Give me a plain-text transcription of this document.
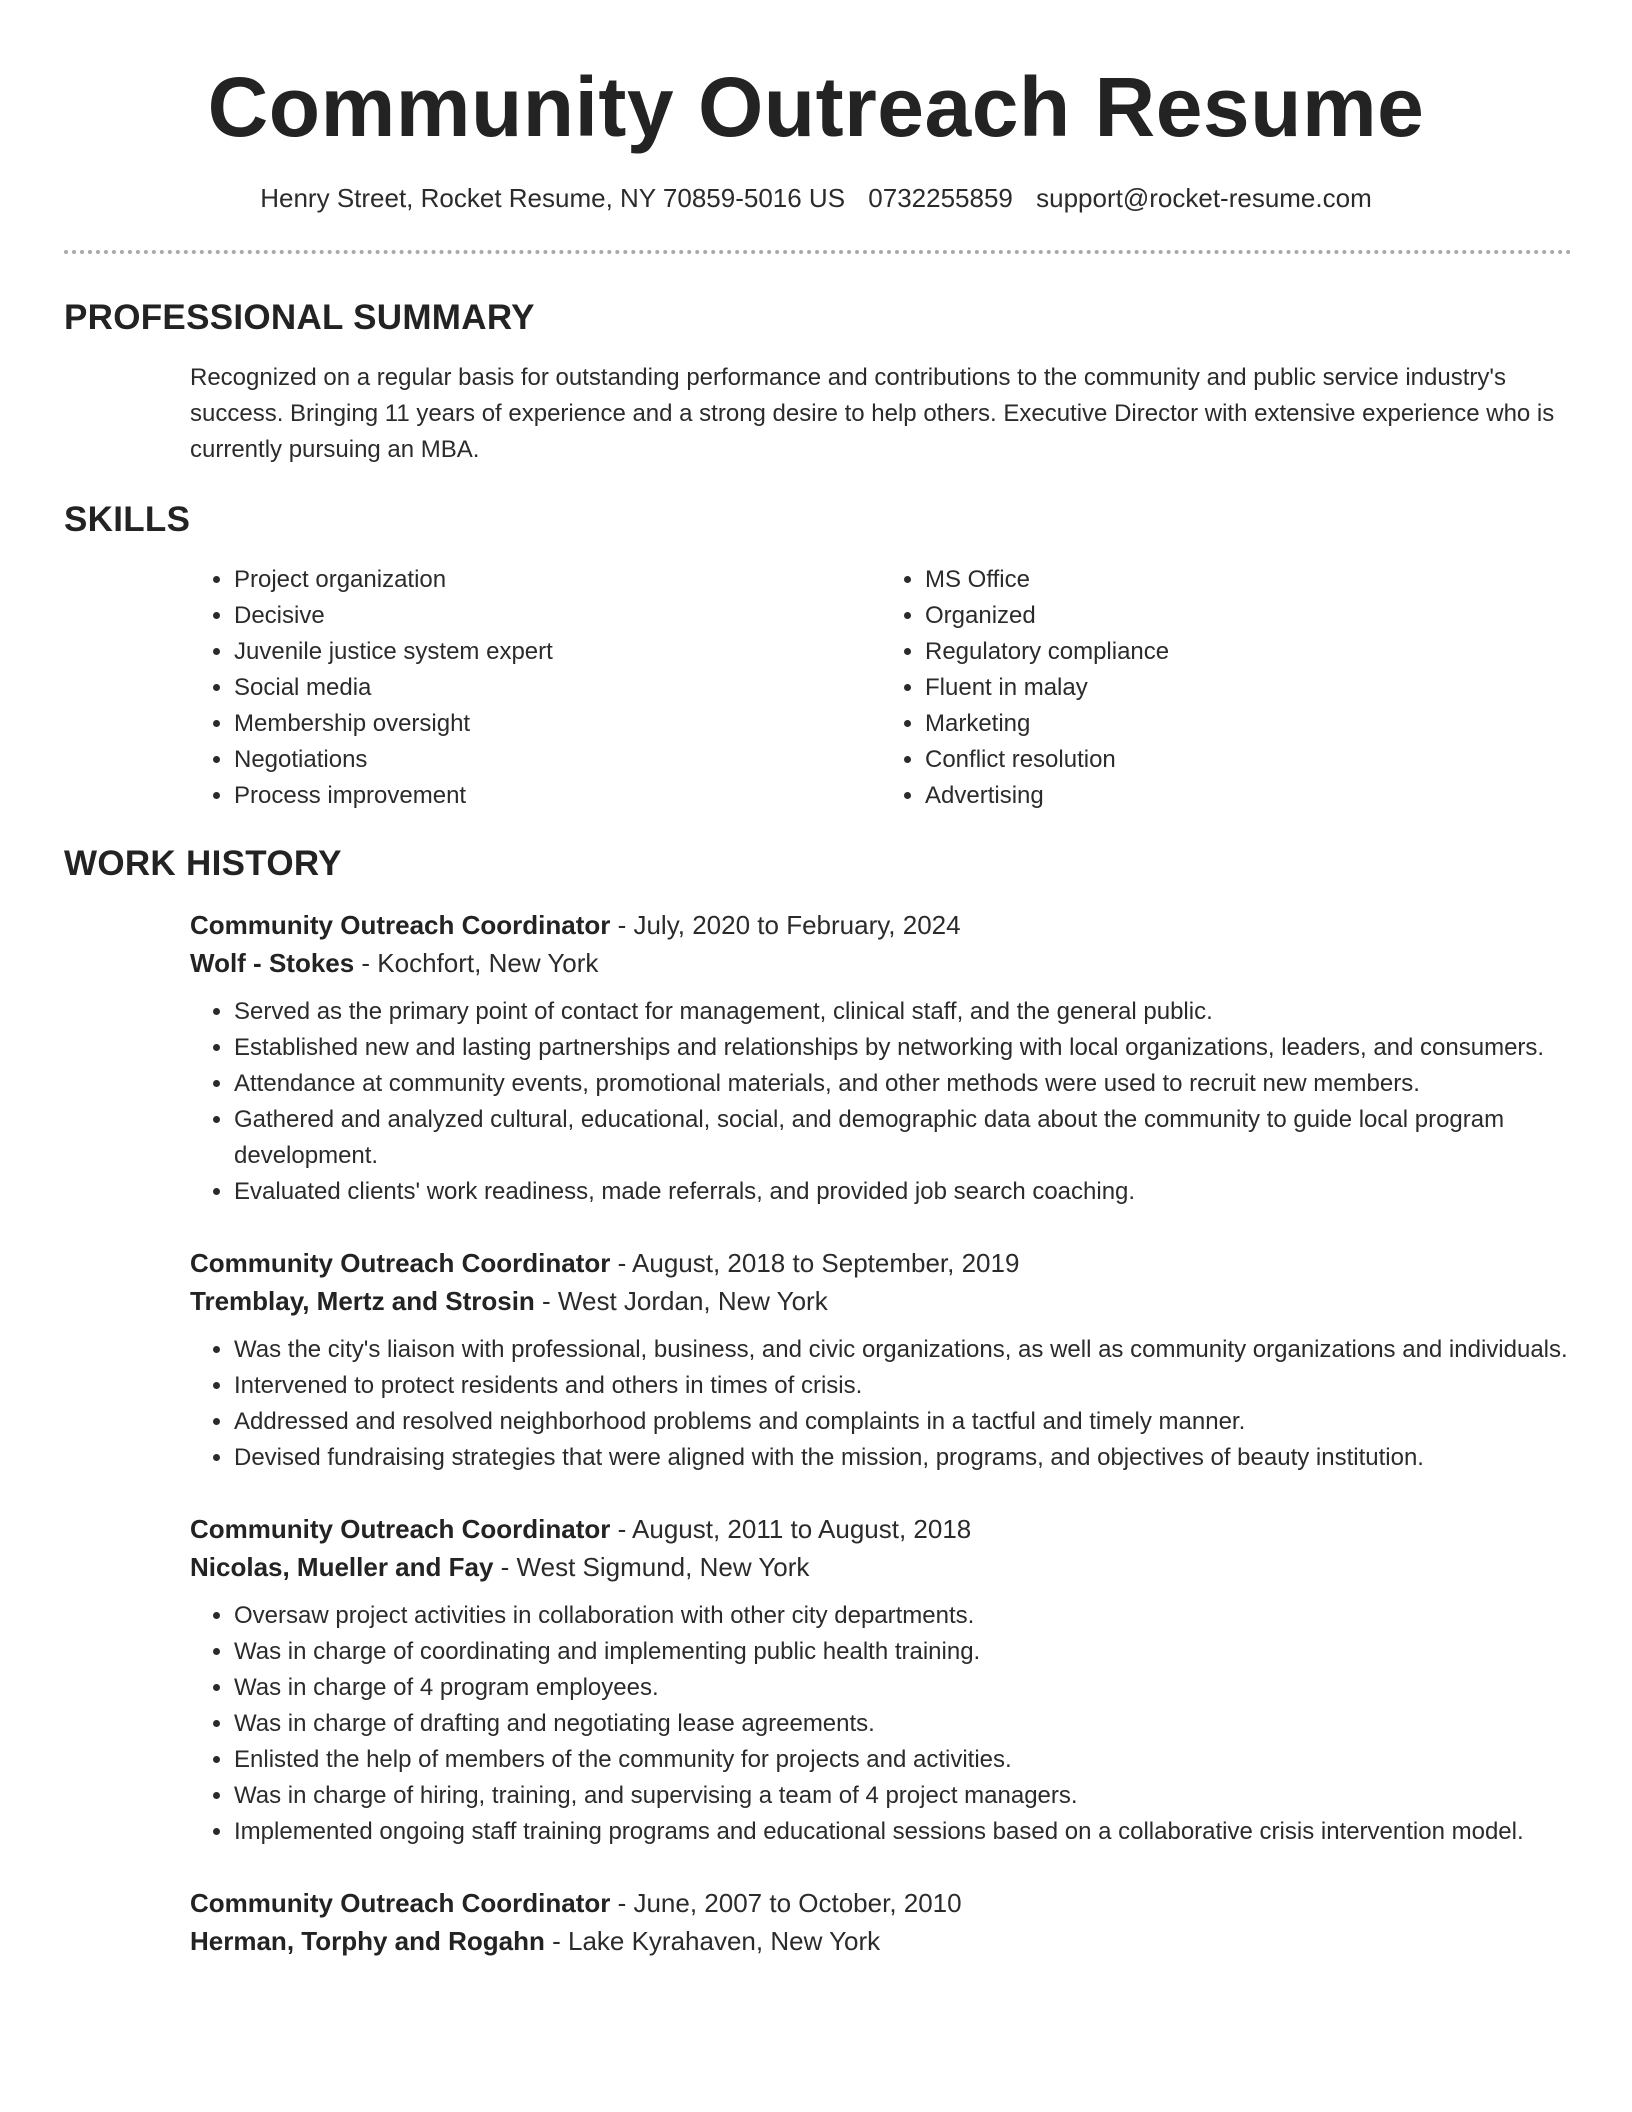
Community Outreach Resume
Henry Street, Rocket Resume, NY 70859-5016 US 0732255859 support@rocket-resume.com
PROFESSIONAL SUMMARY
Recognized on a regular basis for outstanding performance and contributions to the community and public service industry's success. Bringing 11 years of experience and a strong desire to help others. Executive Director with extensive experience who is currently pursuing an MBA.
SKILLS
• Project organization
• Decisive
• Juvenile justice system expert
• Social media
• Membership oversight
• Negotiations
• Process improvement
• MS Office
• Organized
• Regulatory compliance
• Fluent in malay
• Marketing
• Conflict resolution
• Advertising
WORK HISTORY
Community Outreach Coordinator - July, 2020 to February, 2024
Wolf - Stokes - Kochfort, New York
• Served as the primary point of contact for management, clinical staff, and the general public.
• Established new and lasting partnerships and relationships by networking with local organizations, leaders, and consumers.
• Attendance at community events, promotional materials, and other methods were used to recruit new members.
• Gathered and analyzed cultural, educational, social, and demographic data about the community to guide local program development.
• Evaluated clients' work readiness, made referrals, and provided job search coaching.
Community Outreach Coordinator - August, 2018 to September, 2019
Tremblay, Mertz and Strosin - West Jordan, New York
• Was the city's liaison with professional, business, and civic organizations, as well as community organizations and individuals.
• Intervened to protect residents and others in times of crisis.
• Addressed and resolved neighborhood problems and complaints in a tactful and timely manner.
• Devised fundraising strategies that were aligned with the mission, programs, and objectives of beauty institution.
Community Outreach Coordinator - August, 2011 to August, 2018
Nicolas, Mueller and Fay - West Sigmund, New York
• Oversaw project activities in collaboration with other city departments.
• Was in charge of coordinating and implementing public health training.
• Was in charge of 4 program employees.
• Was in charge of drafting and negotiating lease agreements.
• Enlisted the help of members of the community for projects and activities.
• Was in charge of hiring, training, and supervising a team of 4 project managers.
• Implemented ongoing staff training programs and educational sessions based on a collaborative crisis intervention model.
Community Outreach Coordinator - June, 2007 to October, 2010
Herman, Torphy and Rogahn - Lake Kyrahaven, New York
